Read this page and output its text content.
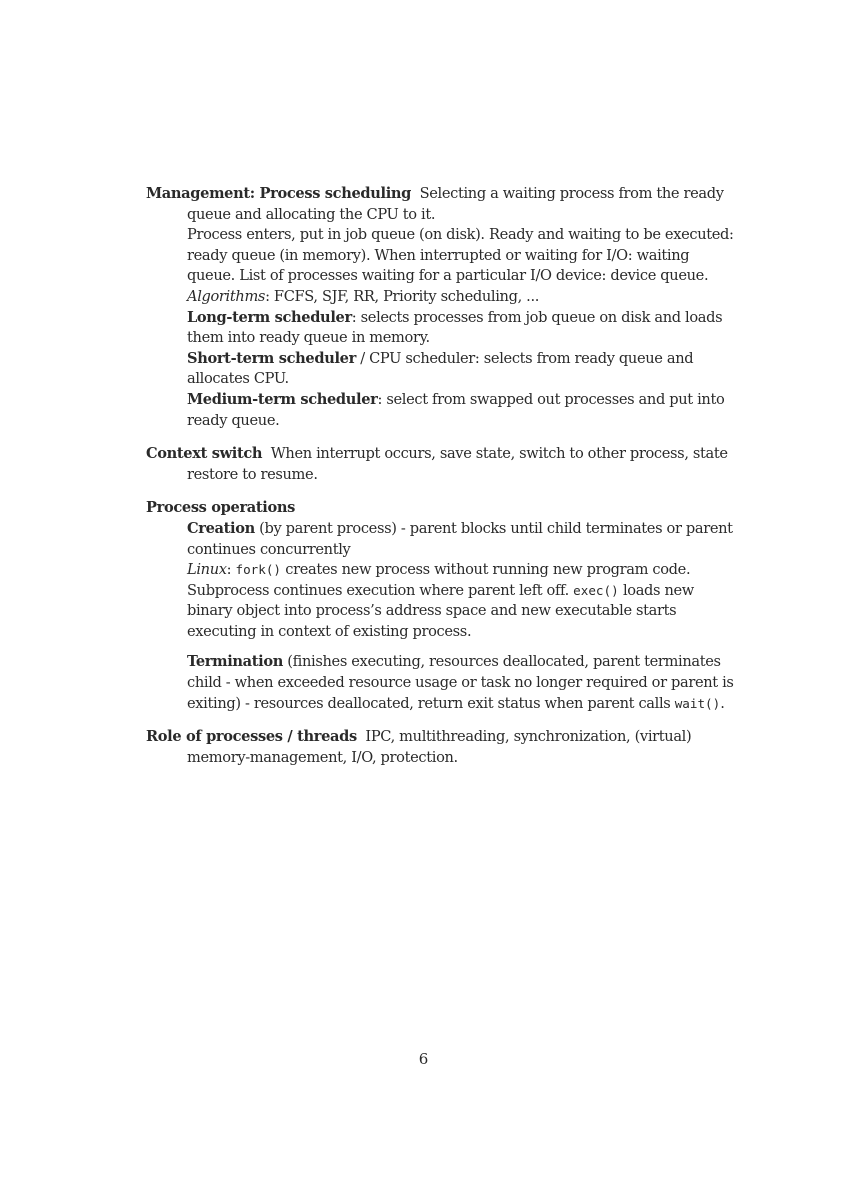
Management: Process scheduling Selecting a waiting process from the ready queue and allocating the CPU to it.
Process enters, put in job queue (on disk). Ready and waiting to be executed: ready queue (in memory). When interrupted or waiting for I/O: waiting queue. List of processes waiting for a particular I/O device: device queue.
Algorithms: FCFS, SJF, RR, Priority scheduling, ...
Long-term scheduler: selects processes from job queue on disk and loads them into ready queue in memory.
Short-term scheduler / CPU scheduler: selects from ready queue and allocates CPU.
Medium-term scheduler: select from swapped out processes and put into ready queue.
Context switch When interrupt occurs, save state, switch to other process, state restore to resume.
Process operations
Creation (by parent process) - parent blocks until child terminates or parent continues concurrently
Linux: fork() creates new process without running new program code. Subprocess continues execution where parent left off. exec() loads new binary object into process’s address space and new executable starts executing in context of existing process.
Termination (finishes executing, resources deallocated, parent terminates child - when exceeded resource usage or task no longer required or parent is exiting) - resources deallocated, return exit status when parent calls wait().
Role of processes / threads IPC, multithreading, synchronization, (virtual) memory-management, I/O, protection.
6
